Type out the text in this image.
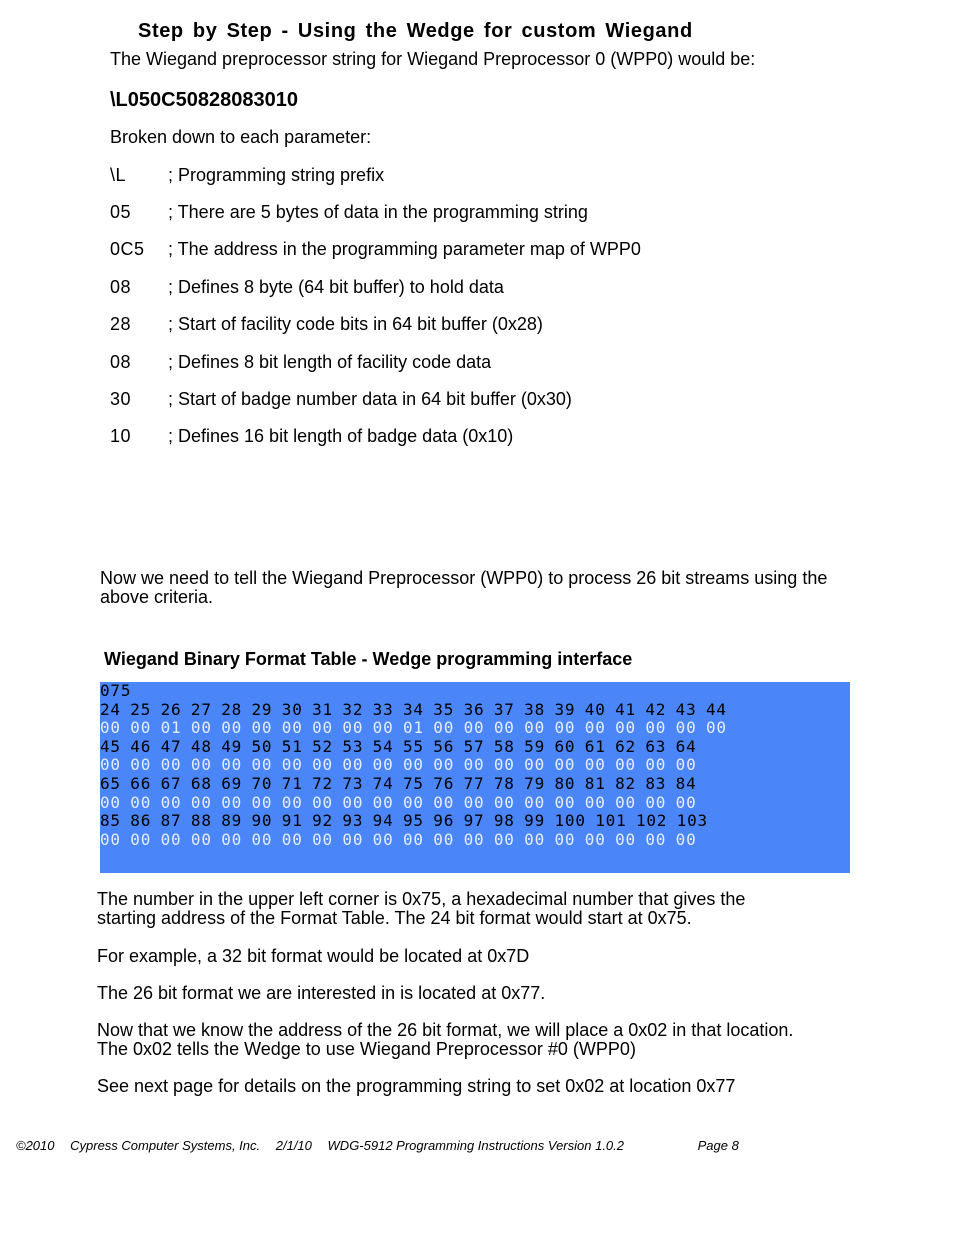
Step by Step - Using the Wedge for custom Wiegand
The Wiegand preprocessor string for Wiegand Preprocessor 0 (WPP0) would be:
\L050C50828083010
Broken down to each parameter:
\L ; Programming string prefix
05 ; There are 5 bytes of data in the programming string
0C5 ; The address in the programming parameter map of WPP0
08 ; Defines 8 byte (64 bit buffer) to hold data
28 ; Start of facility code bits in 64 bit buffer (0x28)
08 ; Defines 8 bit length of facility code data
30 ; Start of badge number data in 64 bit buffer (0x30)
10 ; Defines 16 bit length of badge data (0x10)
Now we need to tell the Wiegand Preprocessor (WPP0) to process 26 bit streams using the above criteria.
Wiegand Binary Format Table - Wedge programming interface
075
24 25 26 27 28 29 30 31 32 33 34 35 36 37 38 39 40 41 42 43 44
00 00 01 00 00 00 00 00 00 00 01 00 00 00 00 00 00 00 00 00 00
45 46 47 48 49 50 51 52 53 54 55 56 57 58 59 60 61 62 63 64
00 00 00 00 00 00 00 00 00 00 00 00 00 00 00 00 00 00 00 00
65 66 67 68 69 70 71 72 73 74 75 76 77 78 79 80 81 82 83 84
00 00 00 00 00 00 00 00 00 00 00 00 00 00 00 00 00 00 00 00
85 86 87 88 89 90 91 92 93 94 95 96 97 98 99 100 101 102 103
00 00 00 00 00 00 00 00 00 00 00 00 00 00 00 00 00 00 00 00
The number in the upper left corner is 0x75, a hexadecimal number that gives the starting address of the Format Table. The 24 bit format would start at 0x75.
For example, a 32 bit format would be located at 0x7D
The 26 bit format we are interested in is located at 0x77.
Now that we know the address of the 26 bit format, we will place a 0x02 in that location. The 0x02 tells the Wedge to use Wiegand Preprocessor #0 (WPP0)
See next page for details on the programming string to set 0x02 at location 0x77
©2010 Cypress Computer Systems, Inc. 2/1/10 WDG-5912 Programming Instructions Version 1.0.2	Page 8
